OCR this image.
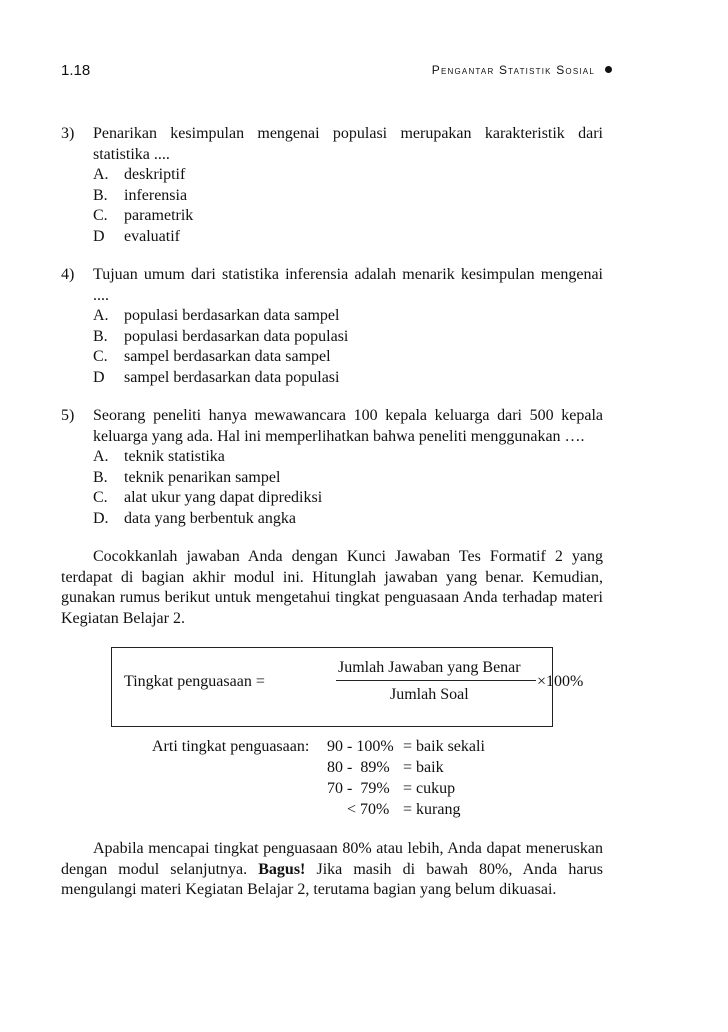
1.18	Pengantar Statistik Sosial
3) Penarikan kesimpulan mengenai populasi merupakan karakteristik dari statistika ....
A. deskriptif
B. inferensia
C. parametrik
D evaluatif
4) Tujuan umum dari statistika inferensia adalah menarik kesimpulan mengenai ....
A. populasi berdasarkan data sampel
B. populasi berdasarkan data populasi
C. sampel berdasarkan data sampel
D sampel berdasarkan data populasi
5) Seorang peneliti hanya mewawancara 100 kepala keluarga dari 500 kepala keluarga yang ada. Hal ini memperlihatkan bahwa peneliti menggunakan ….
A. teknik statistika
B. teknik penarikan sampel
C. alat ukur yang dapat diprediksi
D. data yang berbentuk angka

Cocokkanlah jawaban Anda dengan Kunci Jawaban Tes Formatif 2 yang terdapat di bagian akhir modul ini. Hitunglah jawaban yang benar. Kemudian, gunakan rumus berikut untuk mengetahui tingkat penguasaan Anda terhadap materi Kegiatan Belajar 2.

Tingkat penguasaan =
Jumlah Jawaban yang Benar
Jumlah Soal
×100%
Arti tingkat penguasaan: 90 - 100% = baik sekali
80 -  89% = baik
70 -  79% = cukup
< 70% = kurang

Apabila mencapai tingkat penguasaan 80% atau lebih, Anda dapat meneruskan dengan modul selanjutnya. Bagus! Jika masih di bawah 80%, Anda harus mengulangi materi Kegiatan Belajar 2, terutama bagian yang belum dikuasai.
